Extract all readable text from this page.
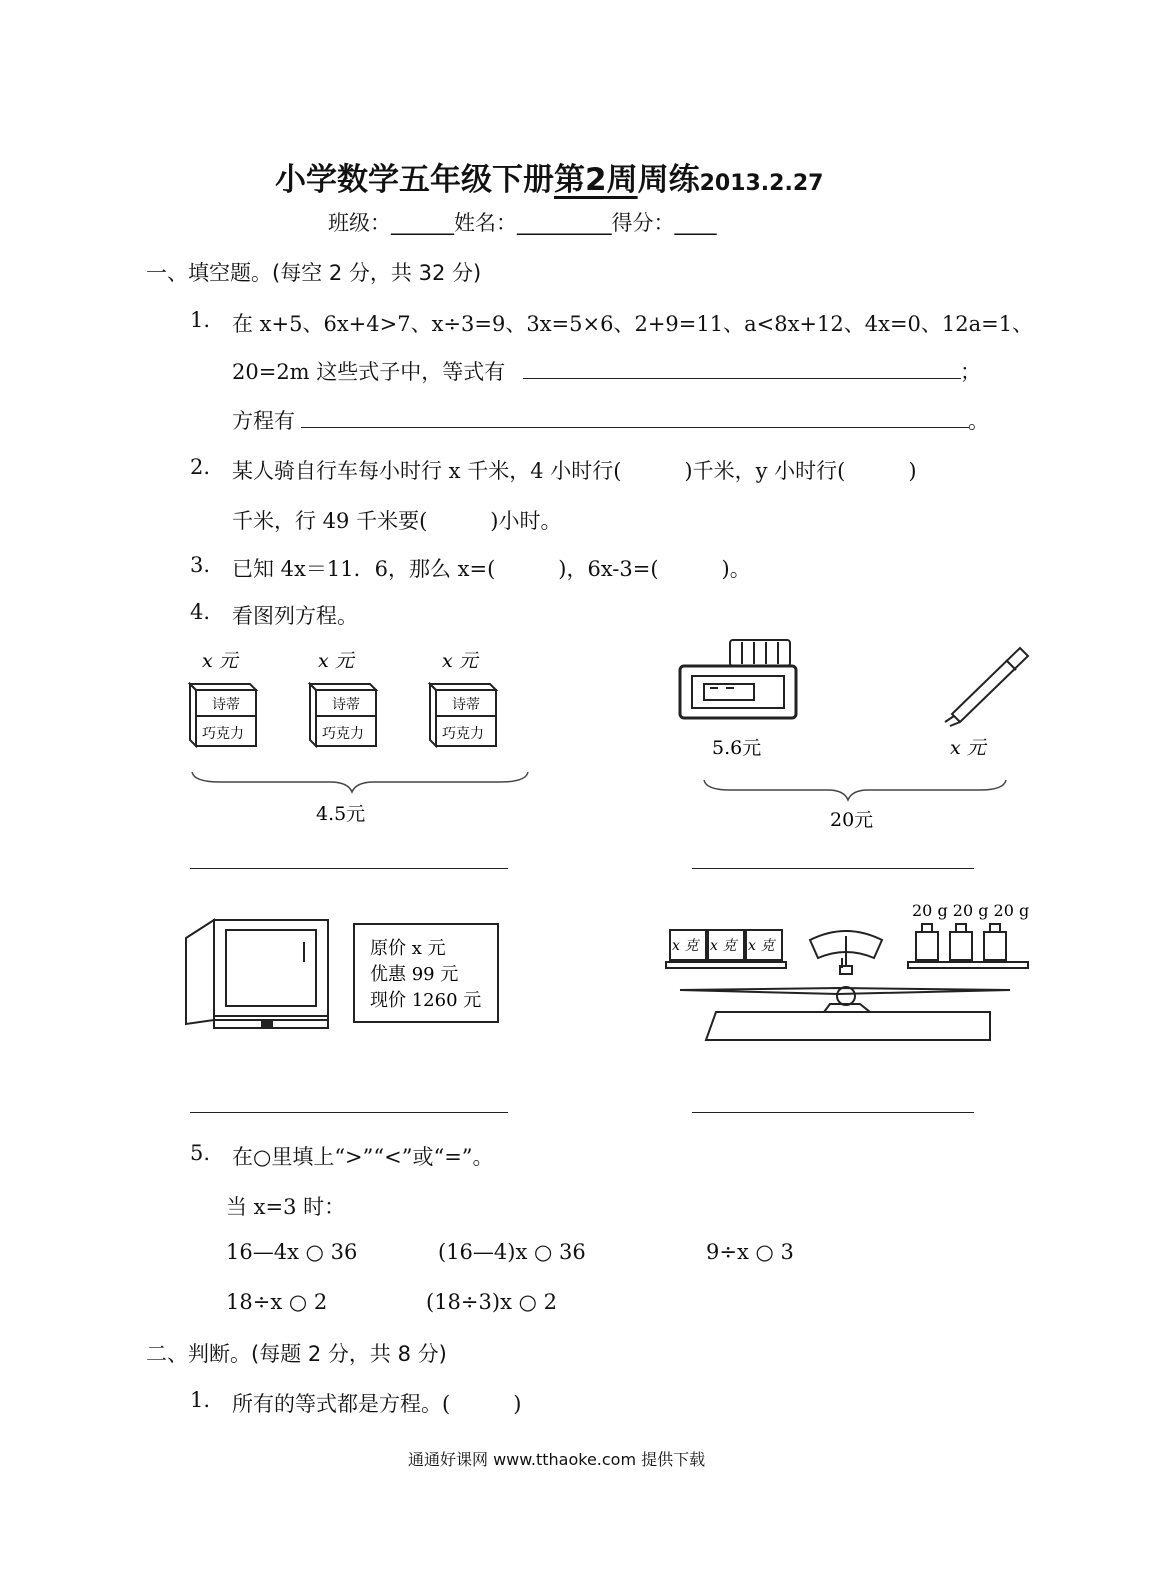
小学数学五年级下册第2周周练2013.2.27
班级：______姓名：_________得分：____
一、填空题。(每空 2 分，共 32 分)
1. 在 x+5、6x+4>7、x÷3=9、3x=5×6、2+9=11、a<8x+12、4x=0、12a=1、
20=2m 这些式子中，等式有	；
方程有	。
2. 某人骑自行车每小时行 x 千米，4 小时行(　　　)千米，y 小时行(　　　)
千米，行 49 千米要(　　　)小时。
3. 已知 4x＝11．6，那么 x=(　　　)，6x-3=(　　　)。
4. 看图列方程。
x 元	x 元	x 元
诗蒂
巧克力
诗蒂
巧克力
诗蒂
巧克力
4.5元
5.6元	x 元
20元
原价 x 元
优惠 99 元
现价 1260 元
20 g 20 g 20 g
x 克 x 克 x 克
5. 在○里填上“>”“<”或“=”。
当 x=3 时：
16—4x ○ 36	(16—4)x ○ 36	9÷x ○ 3
18÷x ○ 2	(18÷3)x ○ 2
二、判断。(每题 2 分，共 8 分)
1. 所有的等式都是方程。(　　　)
通通好课网 www.tthaoke.com 提供下载
